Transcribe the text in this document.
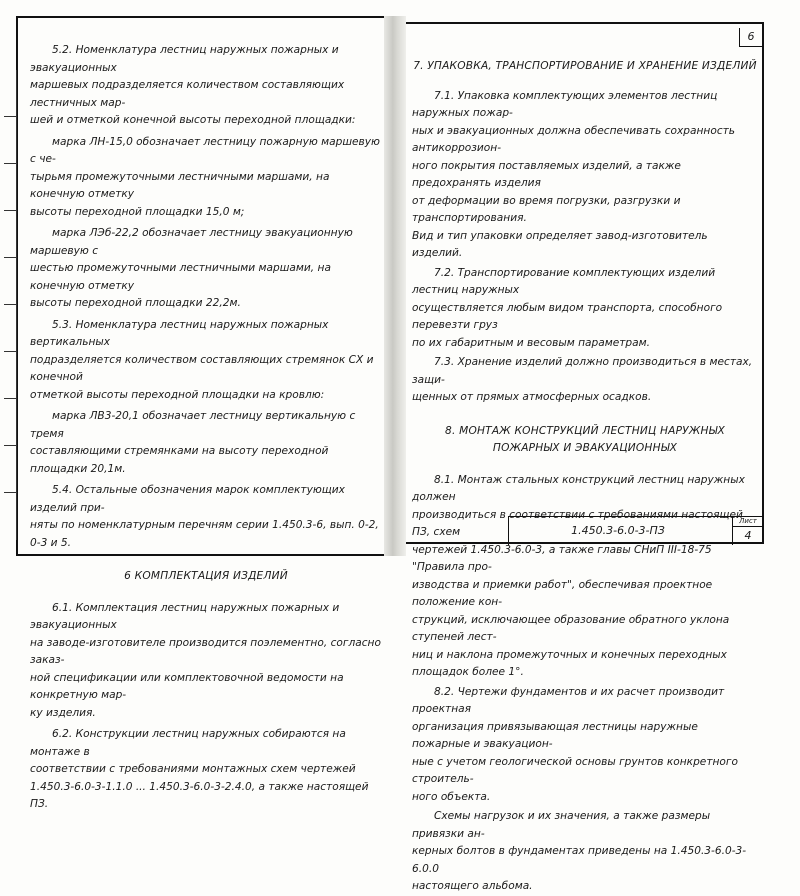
6

5.2. Номенклатура лестниц наружных пожарных и эвакуационных
маршевых подразделяется количеством составляющих лестничных мар-
шей и отметкой конечной высоты переходной площадки:

марка ЛН-15,0 обозначает лестницу пожарную маршевую с че-
тырьмя промежуточными лестничными маршами, на конечную отметку
высоты переходной площадки 15,0 м;

марка ЛЭб-22,2 обозначает лестницу эвакуационную маршевую с
шестью промежуточными лестничными маршами, на конечную отметку
высоты переходной площадки 22,2м.

5.3. Номенклатура лестниц наружных пожарных вертикальных
подразделяется количеством составляющих стремянок СХ и конечной
отметкой высоты переходной площадки на кровлю:

марка ЛВ3-20,1 обозначает лестницу вертикальную с тремя
составляющими стремянками на высоту переходной площадки 20,1м.

5.4. Остальные обозначения марок комплектующих изделий при-
няты по номенклатурным перечням серии 1.450.3-6, вып. 0-2, 0-3 и 5.

6 КОМПЛЕКТАЦИЯ ИЗДЕЛИЙ

6.1. Комплектация лестниц наружных пожарных и эвакуационных
на заводе-изготовителе производится поэлементно, согласно заказ-
ной спецификации или комплектовочной ведомости на конкретную мар-
ку изделия.

6.2. Конструкции лестниц наружных собираются на монтаже в
соответствии с требованиями монтажных схем чертежей
1.450.3-6.0-3-1.1.0 ... 1.450.3-6.0-3-2.4.0, а также настоящей ПЗ.

7. УПАКОВКА, ТРАНСПОРТИРОВАНИЕ И ХРАНЕНИЕ ИЗДЕЛИЙ

7.1. Упаковка комплектующих элементов лестниц наружных пожар-
ных и эвакуационных должна обеспечивать сохранность антикоррозион-
ного покрытия поставляемых изделий, а также предохранять изделия
от деформации во время погрузки, разгрузки и транспортирования.
Вид и тип упаковки определяет завод-изготовитель изделий.

7.2. Транспортирование комплектующих изделий лестниц наружных
осуществляется любым видом транспорта, способного перевезти груз
по их габаритным и весовым параметрам.

7.3. Хранение изделий должно производиться в местах, защи-
щенных от прямых атмосферных осадков.

8. МОНТАЖ КОНСТРУКЦИЙ ЛЕСТНИЦ НАРУЖНЫХ
ПОЖАРНЫХ И ЭВАКУАЦИОННЫХ

8.1. Монтаж стальных конструкций лестниц наружных должен
производиться в соответствии с требованиями настоящей ПЗ, схем
чертежей 1.450.3-6.0-3, а также главы СНиП III-18-75 "Правила про-
изводства и приемки работ", обеспечивая проектное положение кон-
струкций, исключающее образование обратного уклона ступеней лест-
ниц и наклона промежуточных и конечных переходных площадок более 1°.

8.2. Чертежи фундаментов и их расчет производит проектная
организация привязывающая лестницы наружные пожарные и эвакуацион-
ные с учетом геологической основы грунтов конкретного строитель-
ного объекта.

Схемы нагрузок и их значения, а также размеры привязки ан-
керных болтов в фундаментах приведены на 1.450.3-6.0-3-6.0.0
настоящего альбома.

1.450.3-6.0-3-ПЗ
Лист
4
